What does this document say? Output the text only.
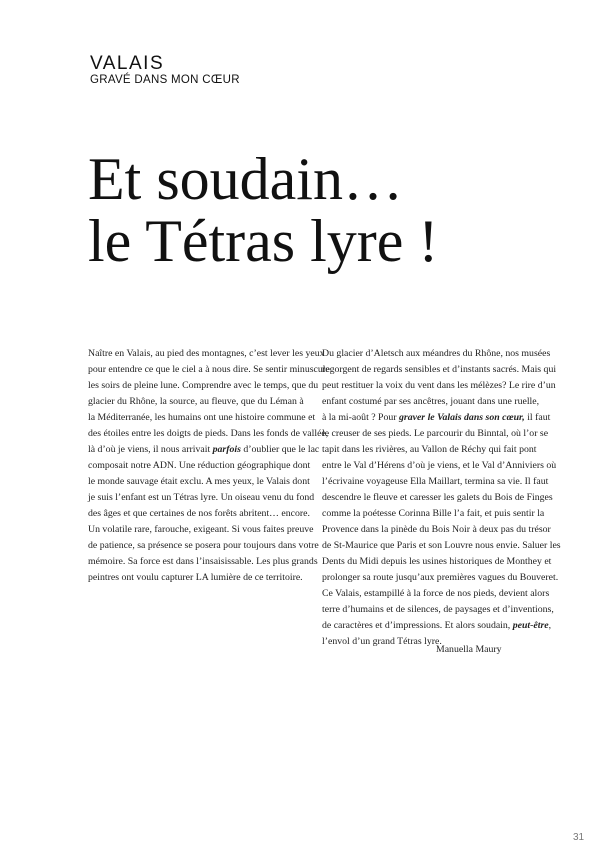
VALAIS
GRAVÉ DANS MON CŒUR
Et soudain…
le Tétras lyre !
Naître en Valais, au pied des montagnes, c’est lever les yeux
pour entendre ce que le ciel a à nous dire. Se sentir minuscule
les soirs de pleine lune. Comprendre avec le temps, que du
glacier du Rhône, la source, au fleuve, que du Léman à
la Méditerranée, les humains ont une histoire commune et
des étoiles entre les doigts de pieds. Dans les fonds de vallée,
là d’où je viens, il nous arrivait parfois d’oublier que le lac
composait notre ADN. Une réduction géographique dont
le monde sauvage était exclu. A mes yeux, le Valais dont
je suis l’enfant est un Tétras lyre. Un oiseau venu du fond
des âges et que certaines de nos forêts abritent… encore.
Un volatile rare, farouche, exigeant. Si vous faites preuve
de patience, sa présence se posera pour toujours dans votre
mémoire. Sa force est dans l’insaisissable. Les plus grands
peintres ont voulu capturer LA lumière de ce territoire.
Du glacier d’Aletsch aux méandres du Rhône, nos musées
regorgent de regards sensibles et d’instants sacrés. Mais qui
peut restituer la voix du vent dans les mélèzes? Le rire d’un
enfant costumé par ses ancêtres, jouant dans une ruelle,
à la mi-août ? Pour graver le Valais dans son cœur, il faut
le creuser de ses pieds. Le parcourir du Binntal, où l’or se
tapit dans les rivières, au Vallon de Réchy qui fait pont
entre le Val d’Hérens d’où je viens, et le Val d’Anniviers où
l’écrivaine voyageuse Ella Maillart, termina sa vie. Il faut
descendre le fleuve et caresser les galets du Bois de Finges
comme la poétesse Corinna Bille l’a fait, et puis sentir la
Provence dans la pinède du Bois Noir à deux pas du trésor
de St-Maurice que Paris et son Louvre nous envie. Saluer les
Dents du Midi depuis les usines historiques de Monthey et
prolonger sa route jusqu’aux premières vagues du Bouveret.
Ce Valais, estampillé à la force de nos pieds, devient alors
terre d’humains et de silences, de paysages et d’inventions,
de caractères et d’impressions. Et alors soudain, peut-être,
l’envol d’un grand Tétras lyre.
Manuella Maury
31
